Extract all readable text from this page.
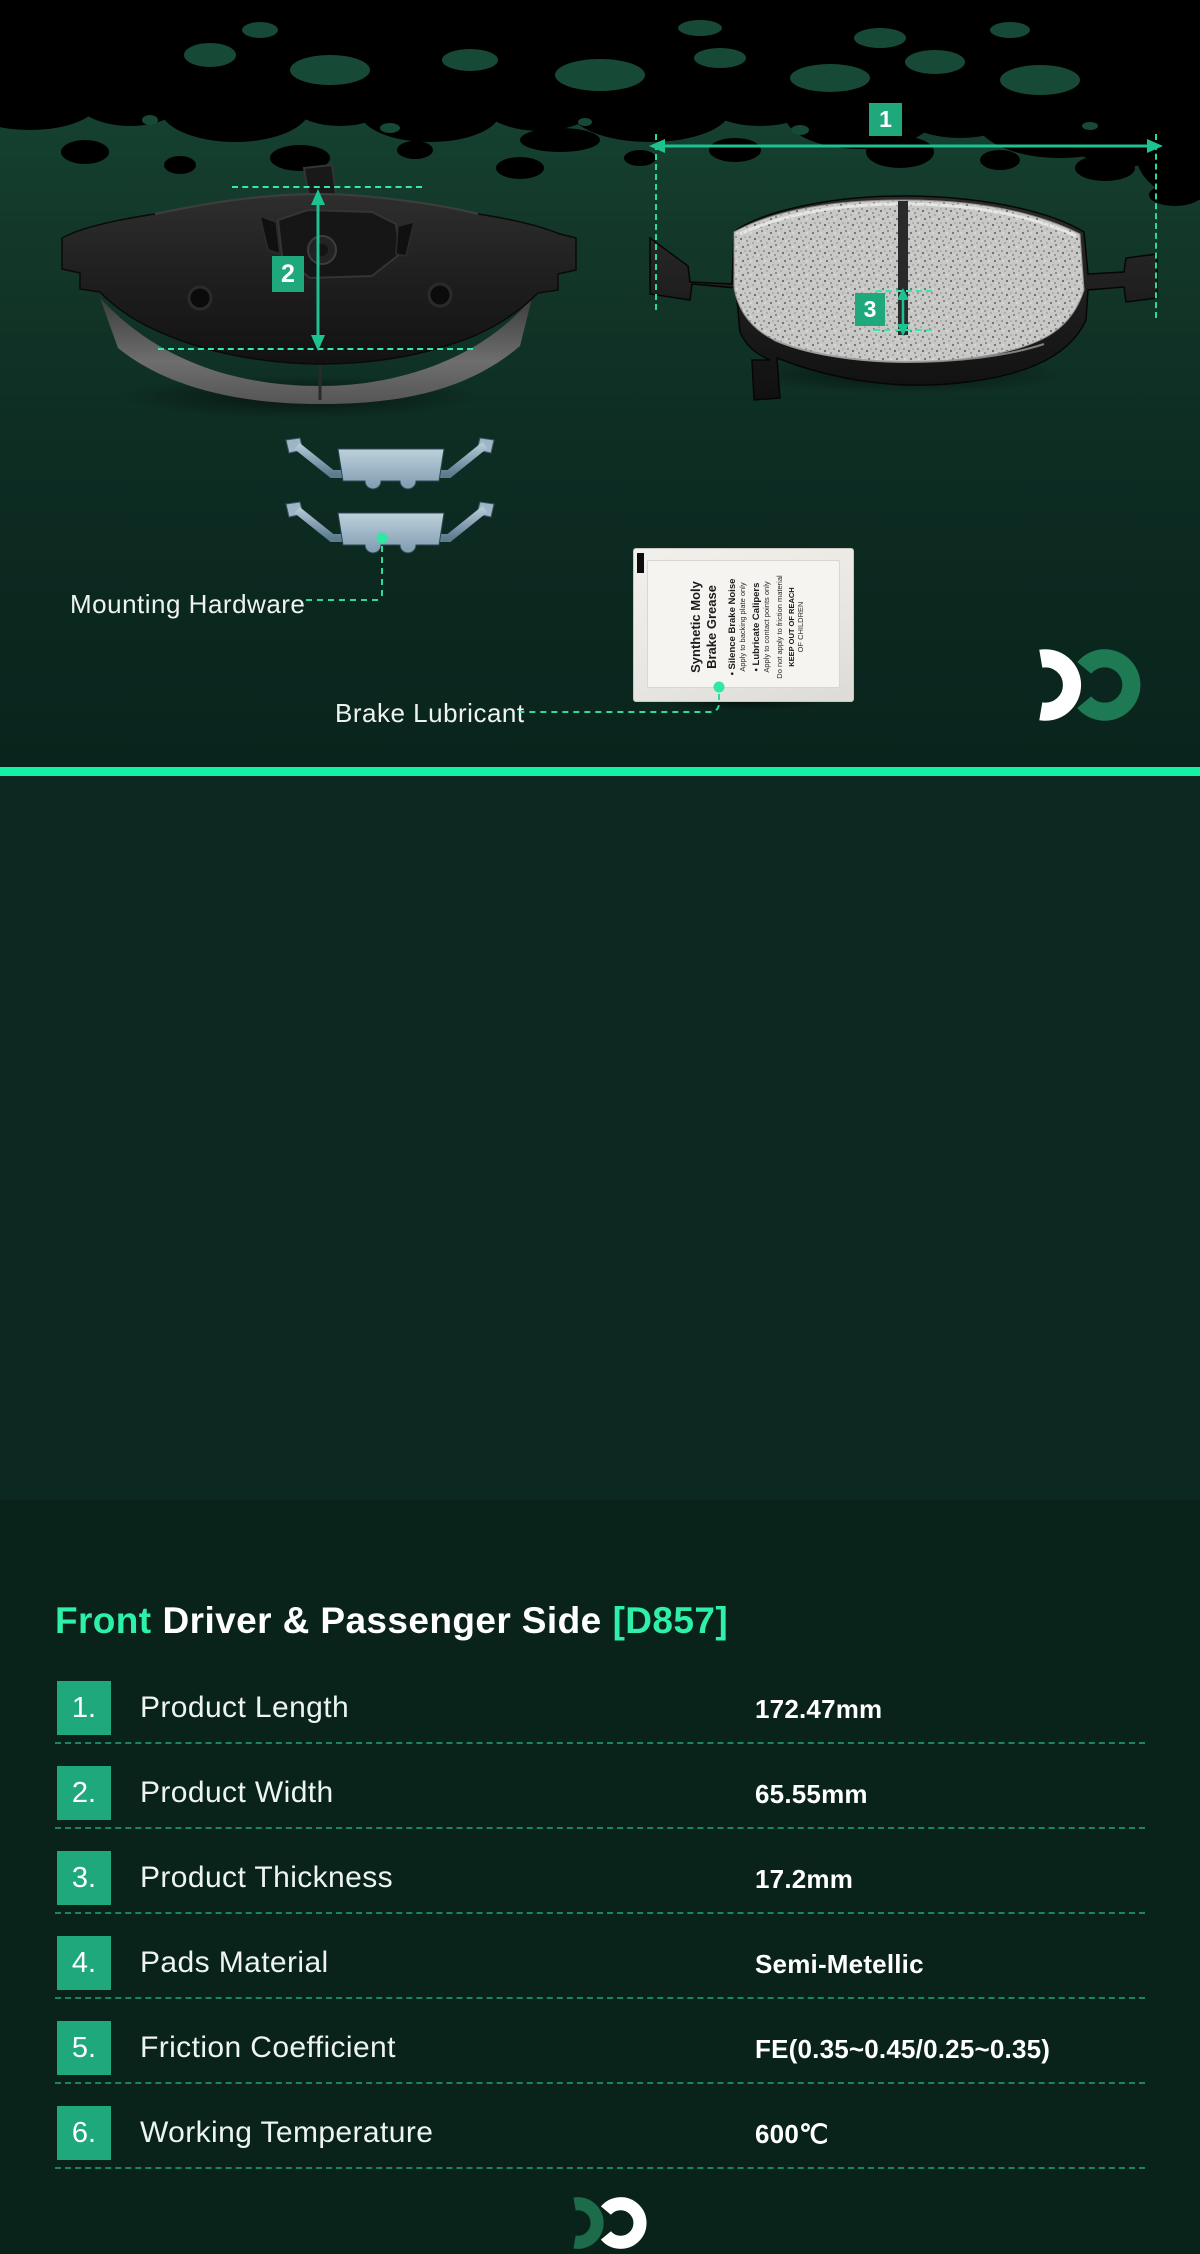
2
1
3
Mounting Hardware	Synthetic Moly Brake Grease • Silence Brake Noise Apply to backing plate only • Lubricate Calipers Apply to contact points only Do not apply to friction material KEEP OUT OF REACH OF CHILDREN
Brake Lubricant
Front Driver & Passenger Side [D857]
1.	Product Length	172.47mm
2.	Product Width	65.55mm
3.	Product Thickness	17.2mm
4.	Pads Material	Semi-Metellic
5.	Friction Coefficient	FE(0.35~0.45/0.25~0.35)
6.	Working Temperature	600℃
